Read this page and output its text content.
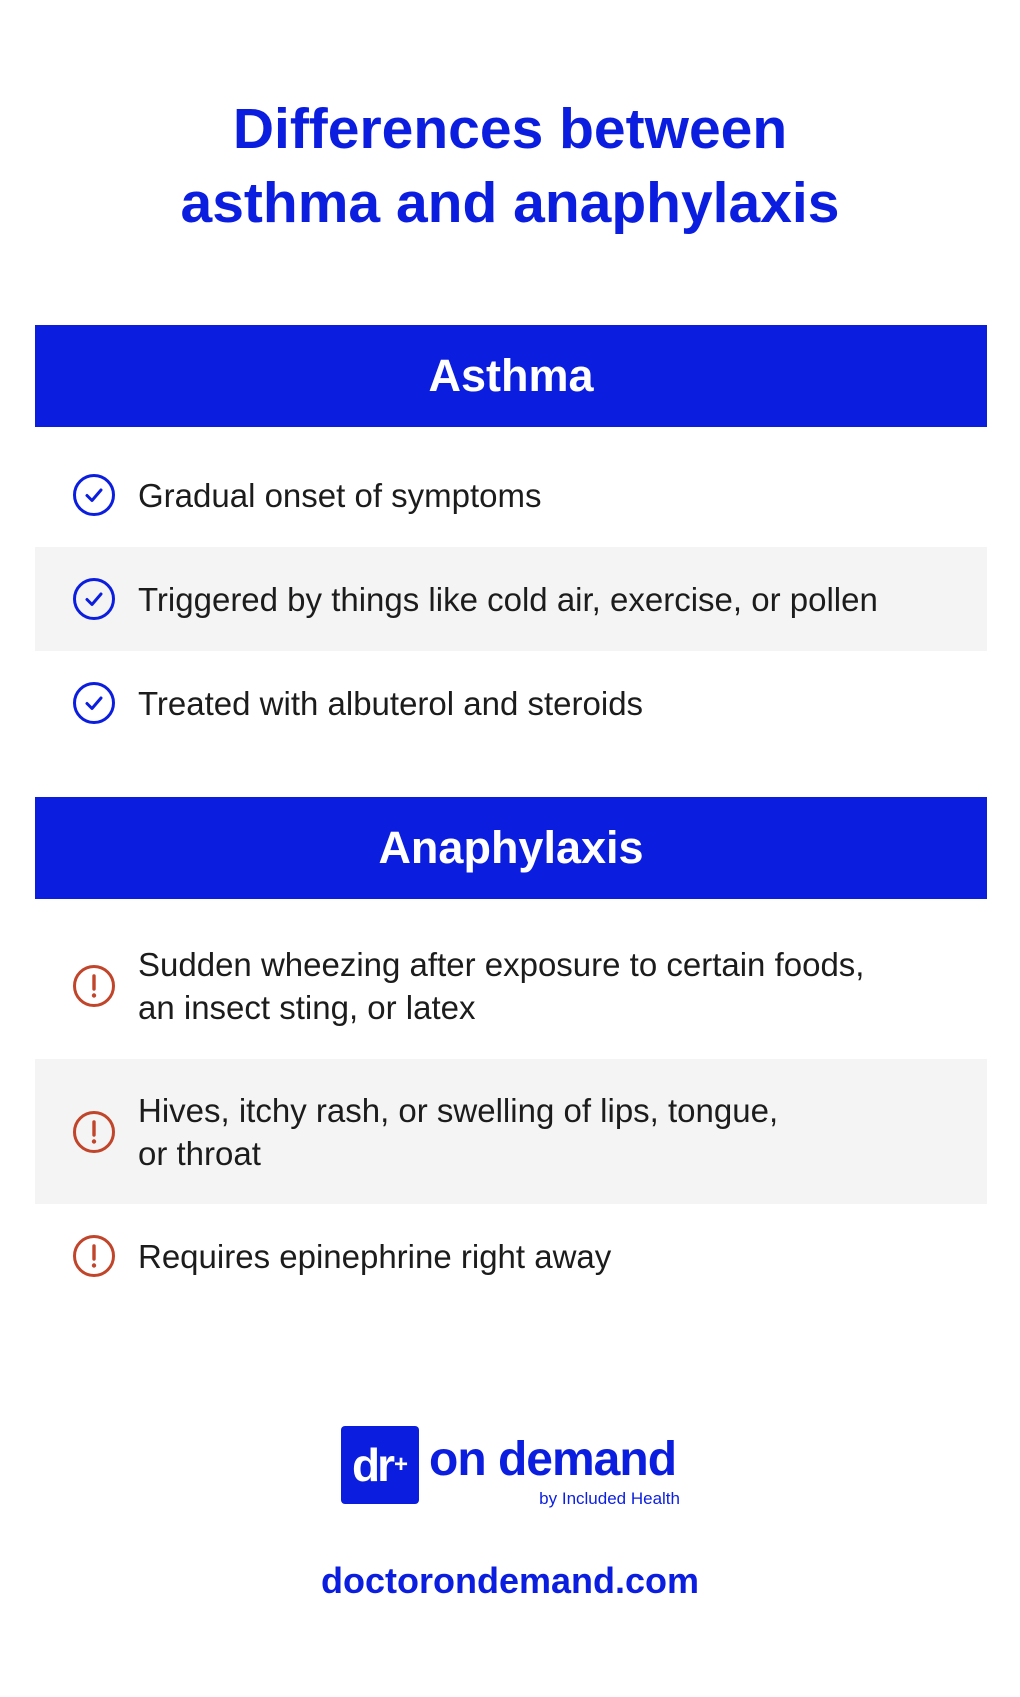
Differences between
asthma and anaphylaxis
Asthma
Gradual onset of symptoms
Triggered by things like cold air, exercise, or pollen
Treated with albuterol and steroids
Anaphylaxis
Sudden wheezing after exposure to certain foods,
an insect sting, or latex
Hives, itchy rash, or swelling of lips, tongue,
or throat
Requires epinephrine right away
dr + on demand
by Included Health
doctorondemand.com
